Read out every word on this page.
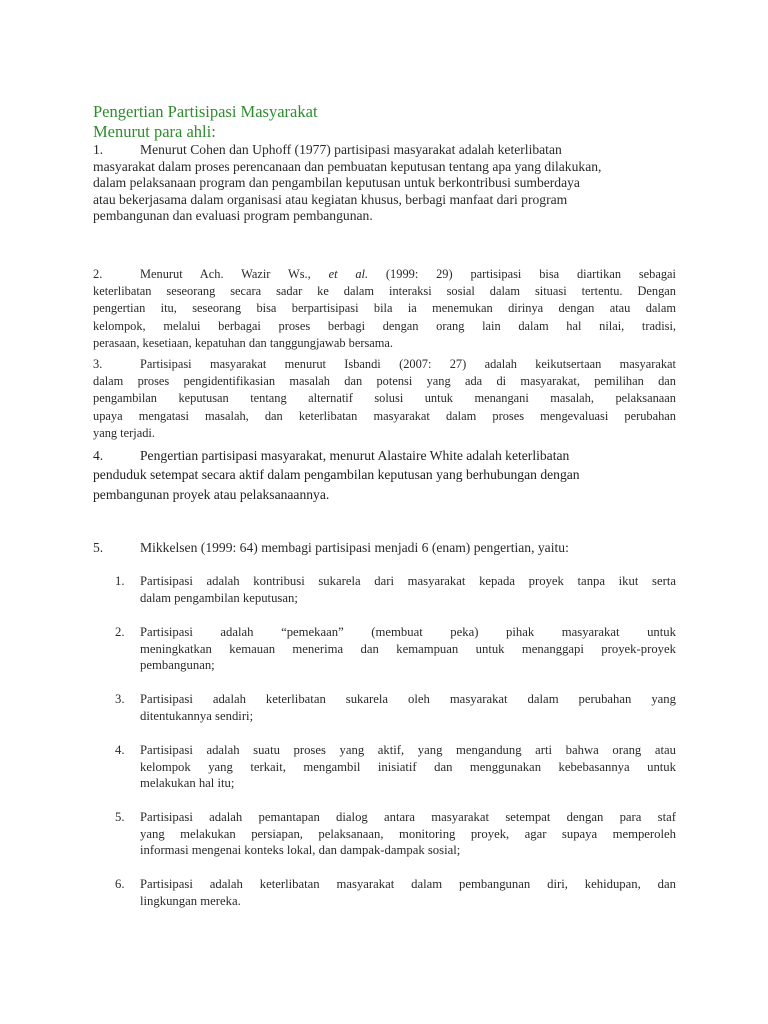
Pengertian Partisipasi Masyarakat
Menurut para ahli:
1.	Menurut Cohen dan Uphoff (1977) partisipasi masyarakat adalah keterlibatan
masyarakat dalam proses perencanaan dan pembuatan keputusan tentang apa yang dilakukan,
dalam pelaksanaan program dan pengambilan keputusan untuk berkontribusi sumberdaya
atau bekerjasama dalam organisasi atau kegiatan khusus, berbagi manfaat dari program
pembangunan dan evaluasi program pembangunan.
2.	Menurut Ach. Wazir Ws., et al. (1999: 29) partisipasi bisa diartikan sebagai
keterlibatan seseorang secara sadar ke dalam interaksi sosial dalam situasi tertentu. Dengan
pengertian itu, seseorang bisa berpartisipasi bila ia menemukan dirinya dengan atau dalam
kelompok, melalui berbagai proses berbagi dengan orang lain dalam hal nilai, tradisi,
perasaan, kesetiaan, kepatuhan dan tanggungjawab bersama.
3.	Partisipasi masyarakat menurut Isbandi (2007: 27) adalah keikutsertaan masyarakat
dalam proses pengidentifikasian masalah dan potensi yang ada di masyarakat, pemilihan dan
pengambilan keputusan tentang alternatif solusi untuk menangani masalah, pelaksanaan
upaya mengatasi masalah, dan keterlibatan masyarakat dalam proses mengevaluasi perubahan
yang terjadi.
4.	Pengertian partisipasi masyarakat, menurut Alastaire White adalah keterlibatan
penduduk setempat secara aktif dalam pengambilan keputusan yang berhubungan dengan
pembangunan proyek atau pelaksanaannya.
5.	Mikkelsen (1999: 64) membagi partisipasi menjadi 6 (enam) pengertian, yaitu:
1. Partisipasi adalah kontribusi sukarela dari masyarakat kepada proyek tanpa ikut serta
dalam pengambilan keputusan;
2. Partisipasi adalah “pemekaan” (membuat peka) pihak masyarakat untuk
meningkatkan kemauan menerima dan kemampuan untuk menanggapi proyek-proyek
pembangunan;
3. Partisipasi adalah keterlibatan sukarela oleh masyarakat dalam perubahan yang
ditentukannya sendiri;
4. Partisipasi adalah suatu proses yang aktif, yang mengandung arti bahwa orang atau
kelompok yang terkait, mengambil inisiatif dan menggunakan kebebasannya untuk
melakukan hal itu;
5. Partisipasi adalah pemantapan dialog antara masyarakat setempat dengan para staf
yang melakukan persiapan, pelaksanaan, monitoring proyek, agar supaya memperoleh
informasi mengenai konteks lokal, dan dampak-dampak sosial;
6. Partisipasi adalah keterlibatan masyarakat dalam pembangunan diri, kehidupan, dan
lingkungan mereka.
